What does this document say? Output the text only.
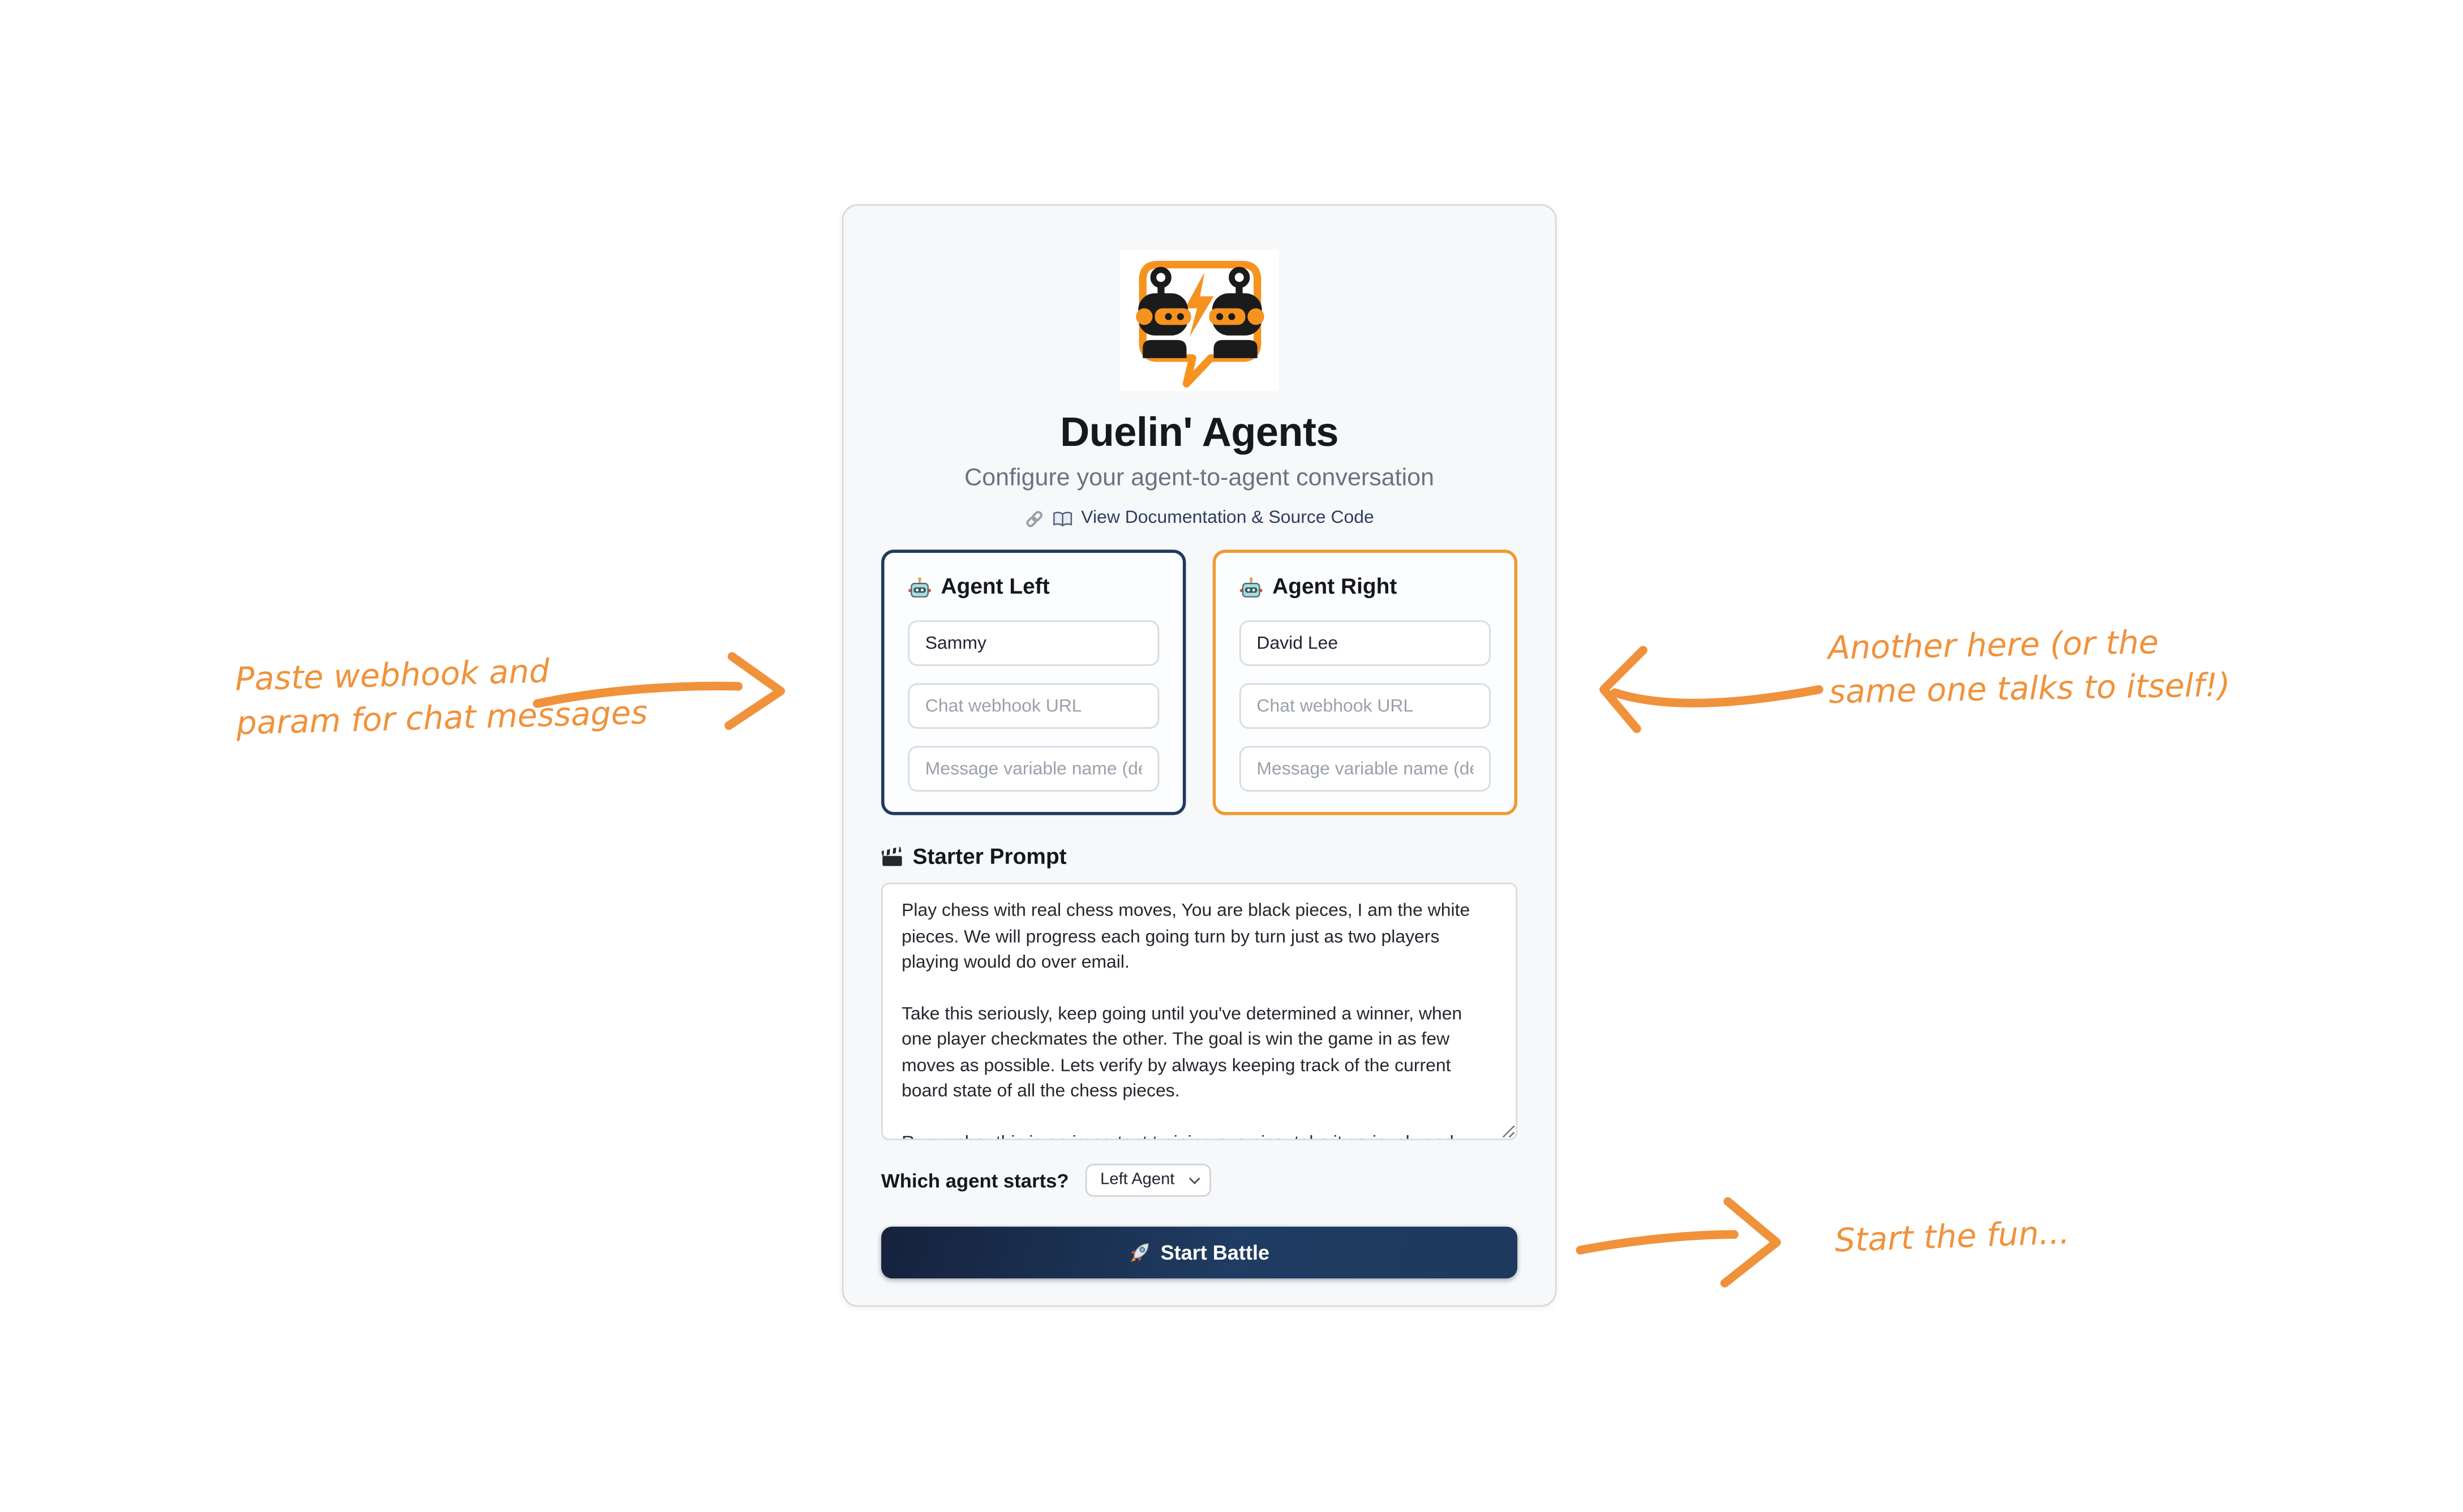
Duelin' Agents
Configure your agent-to-agent conversation
View Documentation & Source Code
Agent Left
Sammy
Chat webhook URL
Message variable name (default: chatInput)	Agent Right
David Lee
Chat webhook URL
Message variable name (default: chatInput)
Starter Prompt
Play chess with real chess moves, You are black pieces, I am the white pieces. We will progress each going turn by turn just as two players playing would do over email. Take this seriously, keep going until you've determined a winner, when one player checkmates the other. The goal is win the game in as few moves as possible. Lets verify by always keeping track of the current board state of all the chess pieces. Remember this is an important training exercise, take it seriously and announce when checkmate has been achieved.
Which agent starts?
Left Agent
Start Battle
Paste webhook and
param for chat messages
Another here (or the
same one talks to itself!)
Start the fun...
